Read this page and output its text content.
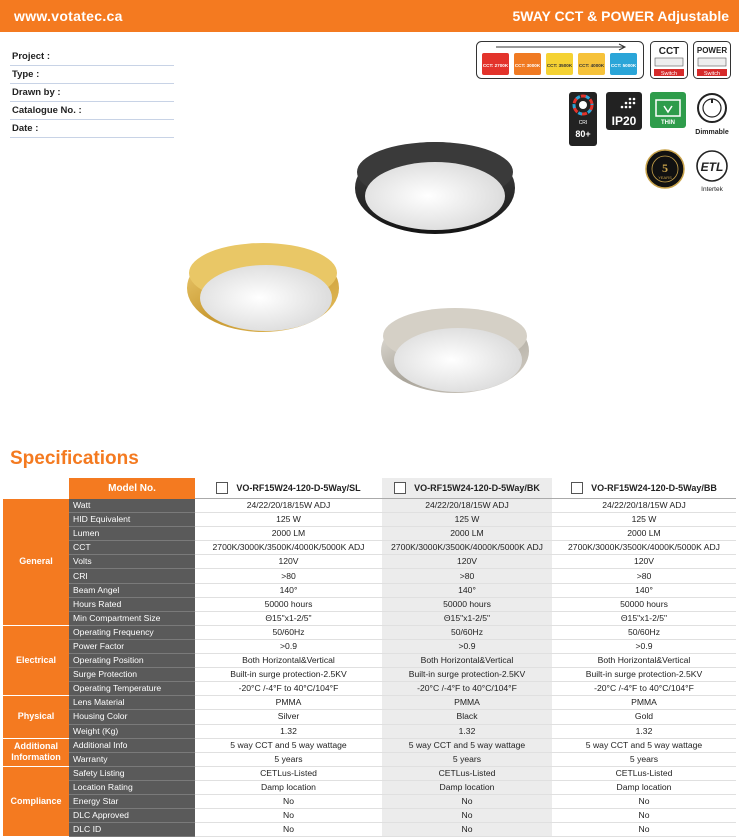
www.votatec.ca	5WAY CCT & POWER Adjustable
Project :
Type :
Drawn by :
Catalogue No. :
Date :
CCT: 2700K CCT: 3000K CCT: 3500K CCT: 4000K CCT: 5000K
CCT
Switch
POWER
Switch
CRI
80+
IP20	THIN
Dimmable
5
YEARS
ETL
Intertek
Specifications
	Model No.	VO-RF15W24-120-D-5Way/SL	VO-RF15W24-120-D-5Way/BK	VO-RF15W24-120-D-5Way/BB
General	Watt	24/22/20/18/15W ADJ	24/22/20/18/15W ADJ	24/22/20/18/15W ADJ
	HID Equivalent	125 W	125 W	125 W
	Lumen	2000 LM	2000 LM	2000 LM
	CCT	2700K/3000K/3500K/4000K/5000K ADJ	2700K/3000K/3500K/4000K/5000K ADJ	2700K/3000K/3500K/4000K/5000K ADJ
	Volts	120V	120V	120V
	CRI	>80	>80	>80
	Beam Angel	140°	140°	140°
	Hours Rated	50000 hours	50000 hours	50000 hours
	Min Compartment Size	Θ15"x1-2/5"	Θ15"x1-2/5"	Θ15"x1-2/5"
Electrical	Operating Frequency	50/60Hz	50/60Hz	50/60Hz
	Power Factor	>0.9	>0.9	>0.9
	Operating Position	Both Horizontal&Vertical	Both Horizontal&Vertical	Both Horizontal&Vertical
	Surge Protection	Built-in surge protection-2.5KV	Built-in surge protection-2.5KV	Built-in surge protection-2.5KV
	Operating Temperature	-20°C /-4°F to 40°C/104°F	-20°C /-4°F to 40°C/104°F	-20°C /-4°F to 40°C/104°F
Physical	Lens Material	PMMA	PMMA	PMMA
	Housing Color	Silver	Black	Gold
	Weight (Kg)	1.32	1.32	1.32
Additional Information	Additional Info	5 way CCT and 5 way wattage	5 way CCT and 5 way wattage	5 way CCT and 5 way wattage
	Warranty	5 years	5 years	5 years
Compliance	Safety Listing	CETLus-Listed	CETLus-Listed	CETLus-Listed
	Location Rating	Damp location	Damp location	Damp location
	Energy Star	No	No	No
	DLC Approved	No	No	No
	DLC ID	No	No	No
